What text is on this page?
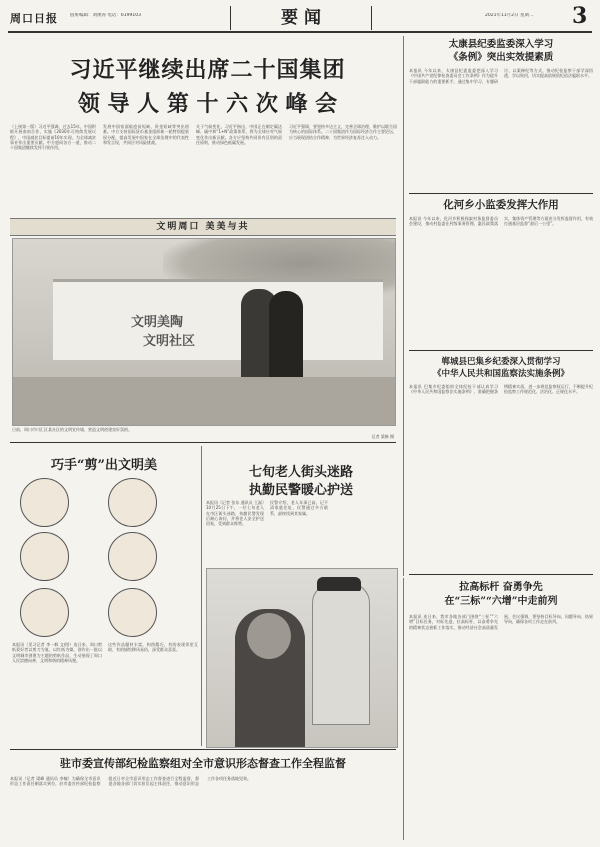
周口日报	值班编辑：刘俊涛 电话：6199103	要 闻	2021年11月2日 星期二	3
习近平继续出席二十国集团
领 导 人 第 十 六 次 峰 会
（上接第一版）习近平强调，过去15年，中国积极开展南南合作，实施《2030年可持续发展议程》，中国减贫目标提前10年实现，为全球减贫事业作出重要贡献。中方愿同各方一道，推动二十国集团继续发挥引领作用。
发展中国家面临疫苗短缺、资金短缺等突出困难。中方支持国际货币基金组织新一轮特别提款权分配，提高发展中国家在全球治理中的代表性和发言权，共同应对风险挑战。
关于气候变化，习近平指出，中国正在制定碳达峰、碳中和“1+N”政策体系，将为全球应对气候变化作出新贡献。各方应坚持共同但有区别的责任原则，推动绿色低碳发展。
习近平强调，要坚持多边主义，完善全球治理，维护以联合国为核心的国际体系。二十国集团作为国际经济合作主要论坛，应当展现团结合作精神，为世界经济复苏注入动力。
文明周口 美美与共
文明美陶
文明社区
日前，周口市川汇区某社区的文明宣传墙，营造文明创建良好氛围。
记者 梁修 摄
巧手“剪”出文明美
本报讯（见习记者 李一枫 文/图）连日来，周口剪纸爱好者以剪刀为笔，以红纸为媒，创作出一批以文明城市创建为主题的剪纸作品，生动展现了周口人民崇德向善、文明和谐的精神风貌。
这些作品题材丰富，构图精巧，有的表现邻里互助，有的描绘移风易俗，深受群众喜爱。
七旬老人街头迷路
执勤民警暖心护送
本报讯（记者 张东 通讯员 王磊）10月25日下午，一位七旬老人在市区街头迷路，执勤民警发现后耐心询问，并将老人安全护送回家，受到群众称赞。
民警介绍，老人年事已高，记不清家庭住址，民警通过多方联系，最终找到其家属。
驻市委宣传部纪检监察组对全市意识形态督查工作全程监督
本报讯（记者 梁峰 通讯员 李楠）为确保全市意识形态工作责任制落实到位，驻市委宣传部纪检监察组近日对全市意识形态工作督查进行全程监督，督促各地各部门切实担负起主体责任，推动意识形态工作各项任务落地见效。
太康县纪委监委深入学习
《条例》突出实效提素质
本报讯 今年以来，太康县纪委监委把深入学习《中国共产党纪律检查委员会工作条例》作为提升干部履职能力的重要抓手，通过集中学习、专题研讨、以案释纪等方式，推动纪检监察干部学深悟透、学以致用，切实提高依规依纪依法履职水平。
化河乡小监委发挥大作用
本报讯 今年以来，化河乡积极探索村务监督委员会建设，推动村监委在村级事务管理、惠民政策落实、集体资产管理等方面充分发挥监督作用，有效打通基层监督“最后一公里”。
郸城县巴集乡纪委深入贯彻学习
《中华人民共和国监察法实施条例》
本报讯 巴集乡纪委组织全体纪检干部认真学习《中华人民共和国监察法实施条例》，准确把握条例精神实质，进一步规范监察权运行，不断提升纪检监察工作规范化、法治化、正规化水平。
拉高标杆 奋勇争先
在“三标”“六增”中走前列
本报讯 连日来，我市各地各部门围绕“三标”“六增”目标任务，对标先进、拉高标杆，以奋勇争先的精神状态狠抓工作落实，推动经济社会高质量发展。会议强调，要坚持目标导向、问题导向、结果导向，确保各项工作走在前列。
